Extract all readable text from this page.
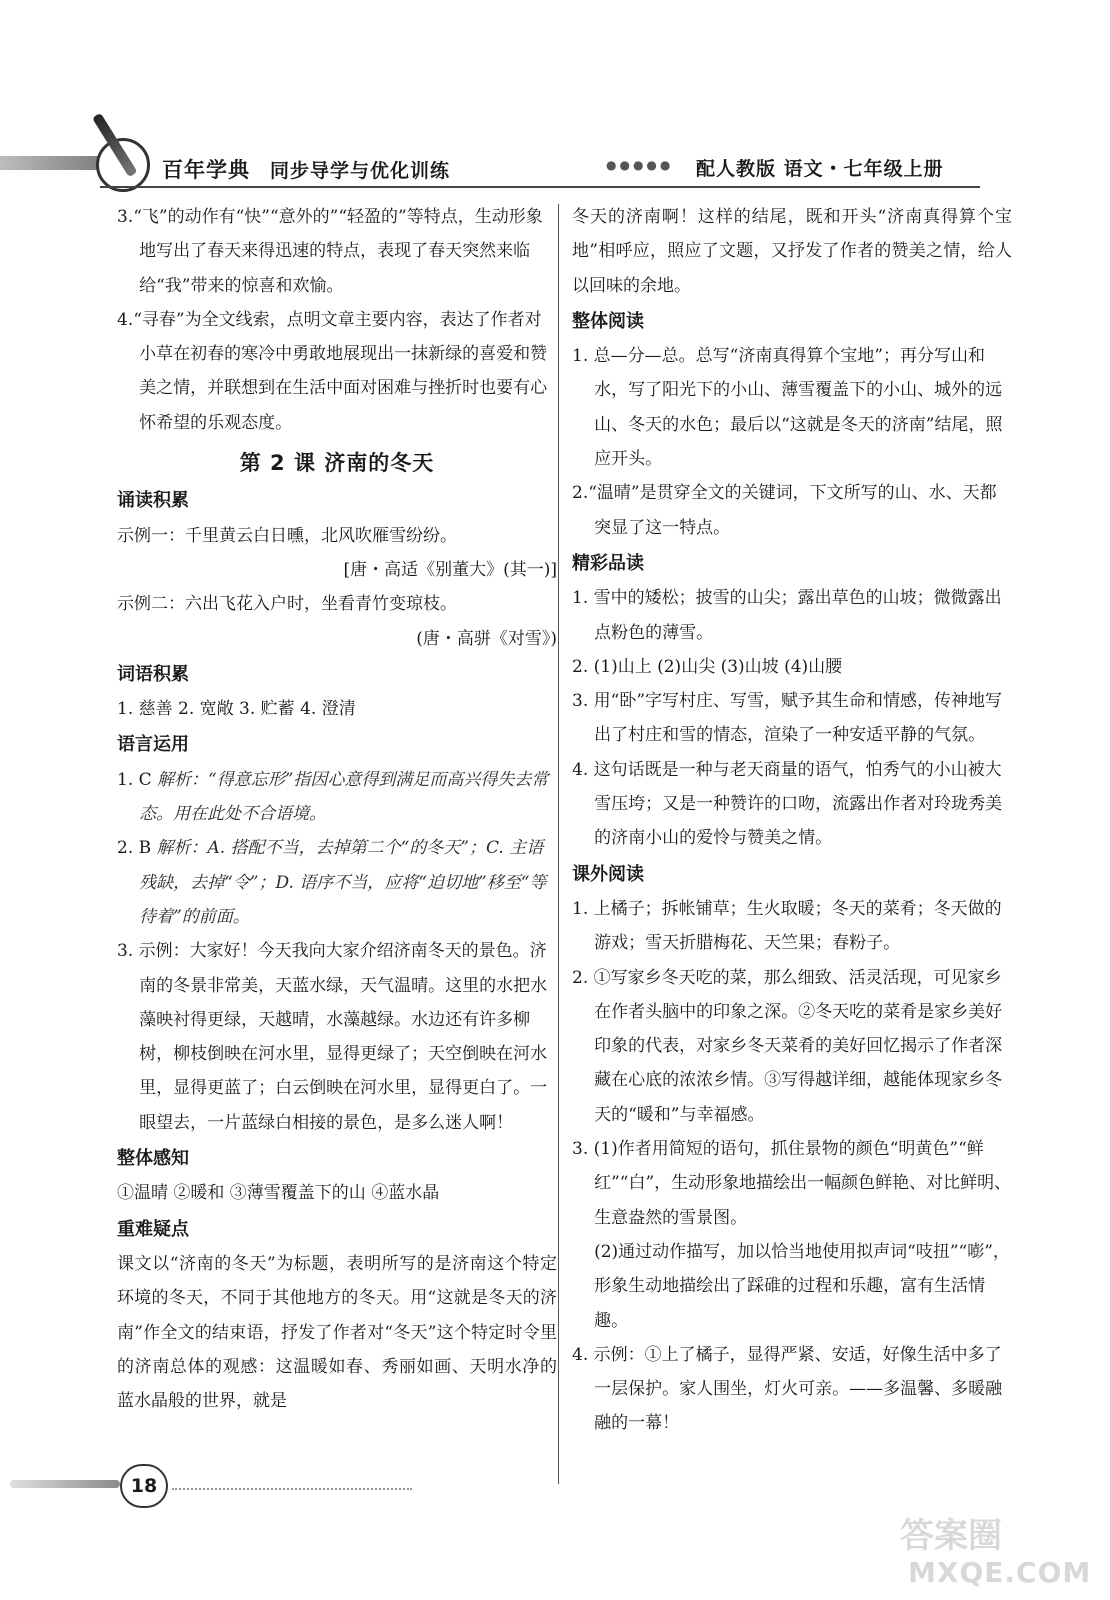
百年学典 同步导学与优化训练	●●●●● 配人教版 语文・七年级上册

3.“飞”的动作有“快”“意外的”“轻盈的”等特点，生动形象地写出了春天来得迅速的特点，表现了春天突然来临给“我”带来的惊喜和欢愉。

4.“寻春”为全文线索，点明文章主要内容，表达了作者对小草在初春的寒冷中勇敢地展现出一抹新绿的喜爱和赞美之情，并联想到在生活中面对困难与挫折时也要有心怀希望的乐观态度。

第 2 课 济南的冬天

诵读积累

示例一：千里黄云白日曛，北风吹雁雪纷纷。

[唐・高适《别董大》(其一)]

示例二：六出飞花入户时，坐看青竹变琼枝。

(唐・高骈《对雪》)

词语积累

1. 慈善 2. 宽敞 3. 贮蓄 4. 澄清

语言运用

1. C 解析：“得意忘形”指因心意得到满足而高兴得失去常态。用在此处不合语境。

2. B 解析：A. 搭配不当，去掉第二个“的冬天”；C. 主语残缺，去掉“令”；D. 语序不当，应将“迫切地”移至“等待着”的前面。

3. 示例：大家好！今天我向大家介绍济南冬天的景色。济南的冬景非常美，天蓝水绿，天气温晴。这里的水把水藻映衬得更绿，天越晴，水藻越绿。水边还有许多柳树，柳枝倒映在河水里，显得更绿了；天空倒映在河水里，显得更蓝了；白云倒映在河水里，显得更白了。一眼望去，一片蓝绿白相接的景色，是多么迷人啊！

整体感知

①温晴 ②暖和 ③薄雪覆盖下的山 ④蓝水晶

重难疑点

课文以“济南的冬天”为标题，表明所写的是济南这个特定环境的冬天，不同于其他地方的冬天。用“这就是冬天的济南”作全文的结束语，抒发了作者对“冬天”这个特定时令里的济南总体的观感：这温暖如春、秀丽如画、天明水净的蓝水晶般的世界，就是

冬天的济南啊！这样的结尾，既和开头“济南真得算个宝地”相呼应，照应了文题，又抒发了作者的赞美之情，给人以回味的余地。

整体阅读

1. 总—分—总。总写“济南真得算个宝地”；再分写山和水，写了阳光下的小山、薄雪覆盖下的小山、城外的远山、冬天的水色；最后以“这就是冬天的济南”结尾，照应开头。

2.“温晴”是贯穿全文的关键词，下文所写的山、水、天都突显了这一特点。

精彩品读

1. 雪中的矮松；披雪的山尖；露出草色的山坡；微微露出点粉色的薄雪。

2. (1)山上 (2)山尖 (3)山坡 (4)山腰

3. 用“卧”字写村庄、写雪，赋予其生命和情感，传神地写出了村庄和雪的情态，渲染了一种安适平静的气氛。

4. 这句话既是一种与老天商量的语气，怕秀气的小山被大雪压垮；又是一种赞许的口吻，流露出作者对玲珑秀美的济南小山的爱怜与赞美之情。

课外阅读

1. 上橘子；拆帐铺草；生火取暖；冬天的菜肴；冬天做的游戏；雪天折腊梅花、天竺果；春粉子。

2. ①写家乡冬天吃的菜，那么细致、活灵活现，可见家乡在作者头脑中的印象之深。②冬天吃的菜肴是家乡美好印象的代表，对家乡冬天菜肴的美好回忆揭示了作者深藏在心底的浓浓乡情。③写得越详细，越能体现家乡冬天的“暖和”与幸福感。

3. (1)作者用简短的语句，抓住景物的颜色“明黄色”“鲜红”“白”，生动形象地描绘出一幅颜色鲜艳、对比鲜明、生意盎然的雪景图。

(2)通过动作描写，加以恰当地使用拟声词“吱扭”“嘭”，形象生动地描绘出了踩碓的过程和乐趣，富有生活情趣。

4. 示例：①上了橘子，显得严紧、安适，好像生活中多了一层保护。家人围坐，灯火可亲。——多温馨、多暖融融的一幕！

18
答案圈
MXQE.COM
